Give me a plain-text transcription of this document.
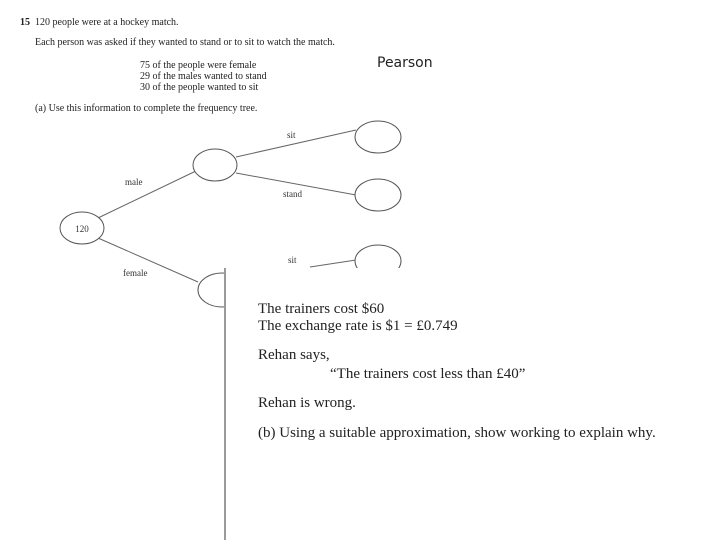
15 120 people were at a hockey match.
Each person was asked if they wanted to stand or to sit to watch the match.
75 of the people were female
29 of the males wanted to stand
30 of the people wanted to sit
(a) Use this information to complete the frequency tree.
Pearson
120
male
female
sit
stand
sit
The trainers cost $60
The exchange rate is $1 = £0.749
Rehan says,
“The trainers cost less than £40”
Rehan is wrong.
(b) Using a suitable approximation, show working to explain why.
